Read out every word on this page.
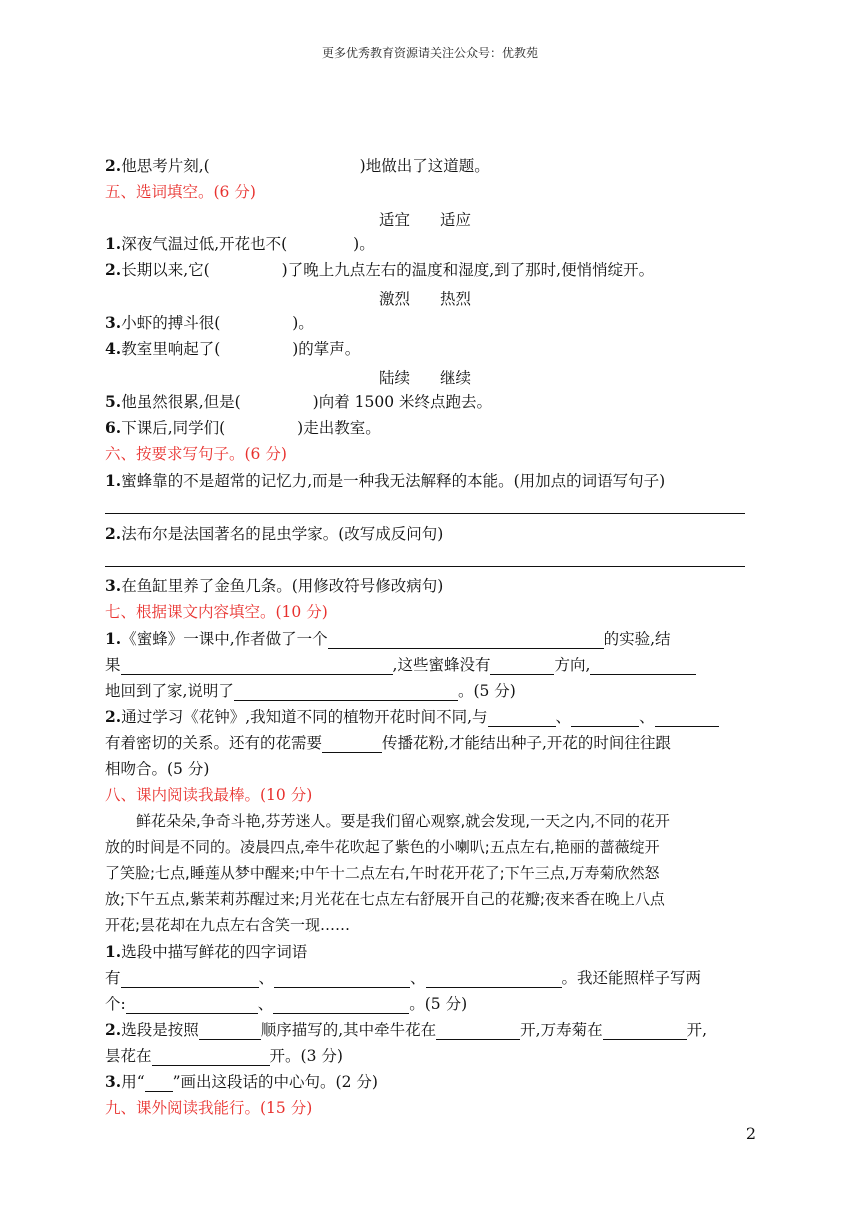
更多优秀教育资源请关注公众号：优教苑
2.他思考片刻,(	)地做出了这道题。
五、选词填空。(6 分)
适宜 适应
1.深夜气温过低,开花也不(	)。
2.长期以来,它(	)了晚上九点左右的温度和湿度,到了那时,便悄悄绽开。
激烈 热烈
3.小虾的搏斗很(	)。
4.教室里响起了(	)的掌声。
陆续 继续
5.他虽然很累,但是(	)向着 1500 米终点跑去。
6.下课后,同学们(	)走出教室。
六、按要求写句子。(6 分)
1.蜜蜂靠的不是超常的记忆力,而是一种我无法解释的本能。(用加点的词语写句子)
2.法布尔是法国著名的昆虫学家。(改写成反问句)
3.在鱼缸里养了金鱼几条。(用修改符号修改病句)
七、根据课文内容填空。(10 分)
1.《蜜蜂》一课中,作者做了一个	的实验,结
果	,这些蜜蜂没有	方向,
地回到了家,说明了	。(5 分)
2.通过学习《花钟》,我知道不同的植物开花时间不同,与	、	、
有着密切的关系。还有的花需要	传播花粉,才能结出种子,开花的时间往往跟
相吻合。(5 分)
八、课内阅读我最棒。(10 分)
鲜花朵朵,争奇斗艳,芬芳迷人。要是我们留心观察,就会发现,一天之内,不同的花开
放的时间是不同的。凌晨四点,牵牛花吹起了紫色的小喇叭;五点左右,艳丽的蔷薇绽开
了笑脸;七点,睡莲从梦中醒来;中午十二点左右,午时花开花了;下午三点,万寿菊欣然怒
放;下午五点,紫茉莉苏醒过来;月光花在七点左右舒展开自己的花瓣;夜来香在晚上八点
开花;昙花却在九点左右含笑一现……
1.选段中描写鲜花的四字词语
有	、	、	。我还能照样子写两
个:	、	。(5 分)
2.选段是按照	顺序描写的,其中牵牛花在	开,万寿菊在	开,
昙花在	开。(3 分)
3.用“ ”画出这段话的中心句。(2 分)
九、课外阅读我能行。(15 分)
2
